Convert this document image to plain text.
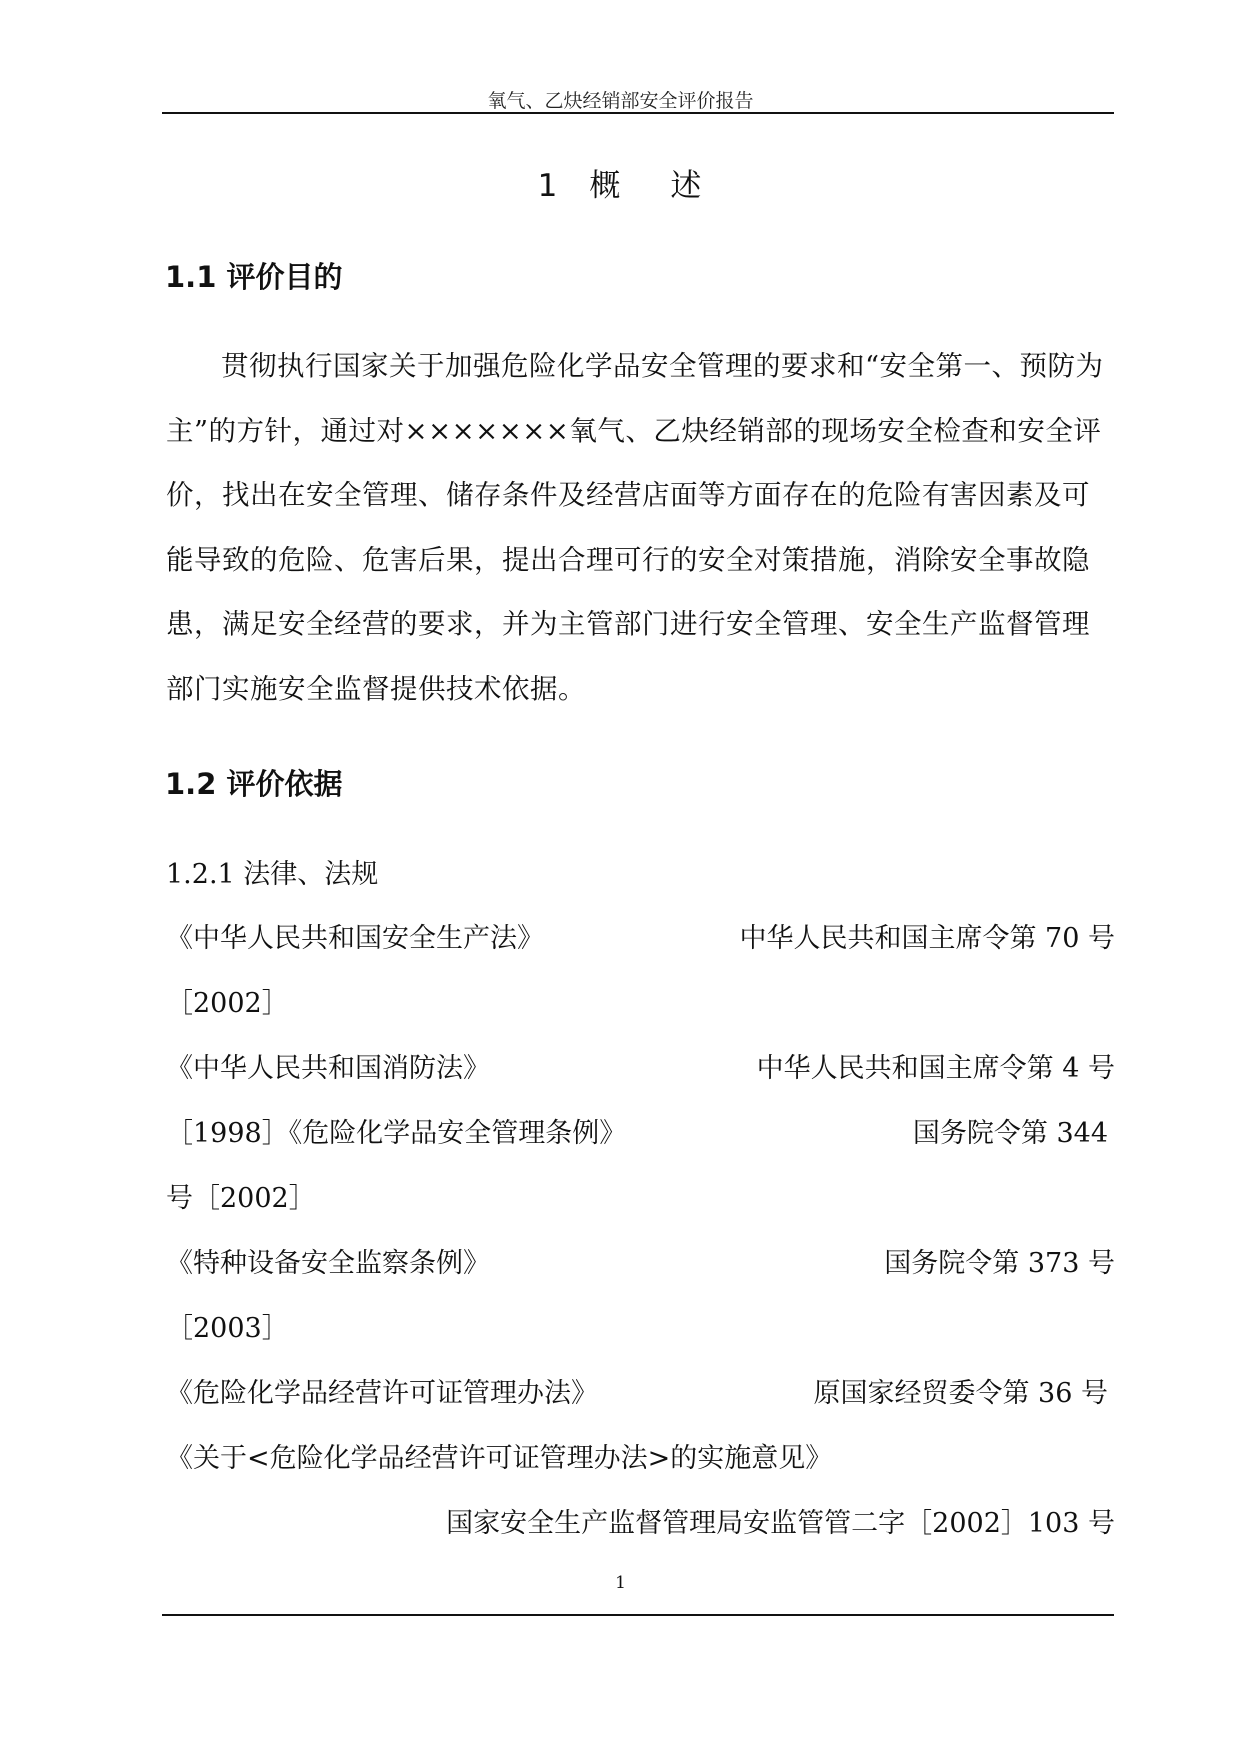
氧气、乙炔经销部安全评价报告
1 概 述
1.1 评价目的
贯彻执行国家关于加强危险化学品安全管理的要求和“安全第一、预防为主”的方针，通过对×××××××氧气、乙炔经销部的现场安全检查和安全评价，找出在安全管理、储存条件及经营店面等方面存在的危险有害因素及可能导致的危险、危害后果，提出合理可行的安全对策措施，消除安全事故隐患，满足安全经营的要求，并为主管部门进行安全管理、安全生产监督管理部门实施安全监督提供技术依据。
1.2 评价依据
1.2.1 法律、法规
《中华人民共和国安全生产法》	中华人民共和国主席令第 70 号
［2002］
《中华人民共和国消防法》	中华人民共和国主席令第 4 号
［1998］《危险化学品安全管理条例》	国务院令第 344
号［2002］
《特种设备安全监察条例》	国务院令第 373 号
［2003］
《危险化学品经营许可证管理办法》	原国家经贸委令第 36 号
《关于<危险化学品经营许可证管理办法>的实施意见》
国家安全生产监督管理局安监管管二字［2002］103 号
1
